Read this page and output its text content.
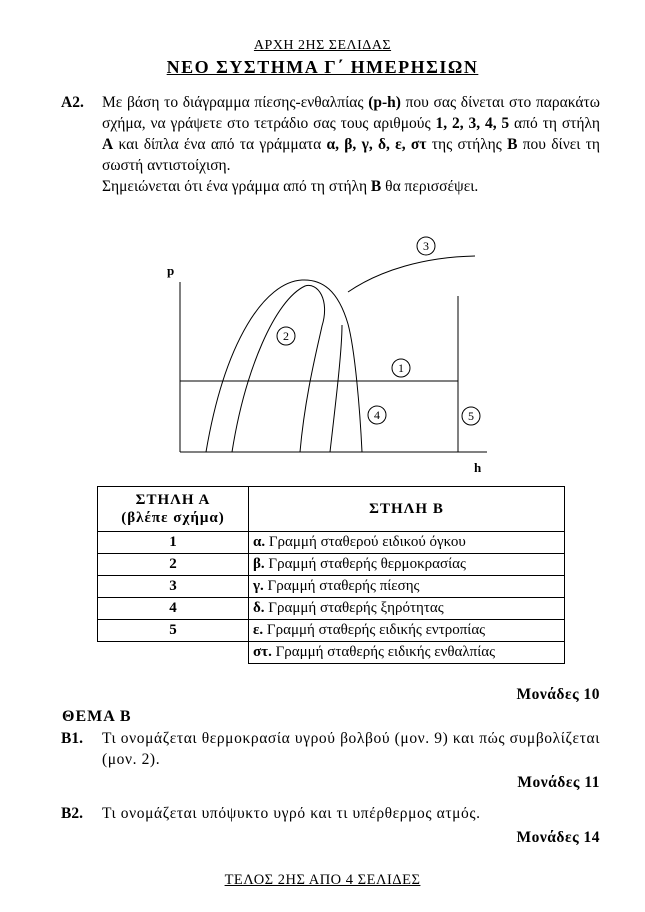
ΑΡΧΗ 2ΗΣ ΣΕΛΙΔΑΣ
ΝΕΟ ΣΥΣΤΗΜΑ Γ΄ ΗΜΕΡΗΣΙΩΝ
Α2. Με βάση το διάγραμμα πίεσης-ενθαλπίας (p-h) που σας δίνεται στο παρακάτω σχήμα, να γράψετε στο τετράδιο σας τους αριθμούς 1, 2, 3, 4, 5 από τη στήλη Α και δίπλα ένα από τα γράμματα α, β, γ, δ, ε, στ της στήλης Β που δίνει τη σωστή αντιστοίχιση.
Σημειώνεται ότι ένα γράμμα από τη στήλη Β θα περισσέψει.
p
h
1
2
3
4	5
ΣΤΗΛΗ Α
(βλέπε σχήμα)	ΣΤΗΛΗ Β
1	α. Γραμμή σταθερού ειδικού όγκου
2	β. Γραμμή σταθερής θερμοκρασίας
3	γ. Γραμμή σταθερής πίεσης
4	δ. Γραμμή σταθερής ξηρότητας
5	ε. Γραμμή σταθερής ειδικής εντροπίας
	στ. Γραμμή σταθερής ειδικής ενθαλπίας
Μονάδες 10
ΘΕΜΑ Β
Β1. Τι ονομάζεται θερμοκρασία υγρού βολβού (μον. 9) και πώς συμβολίζεται (μον. 2).
Μονάδες 11
Β2. Τι ονομάζεται υπόψυκτο υγρό και τι υπέρθερμος ατμός.
Μονάδες 14
ΤΕΛΟΣ 2ΗΣ ΑΠΟ 4 ΣΕΛΙΔΕΣ
